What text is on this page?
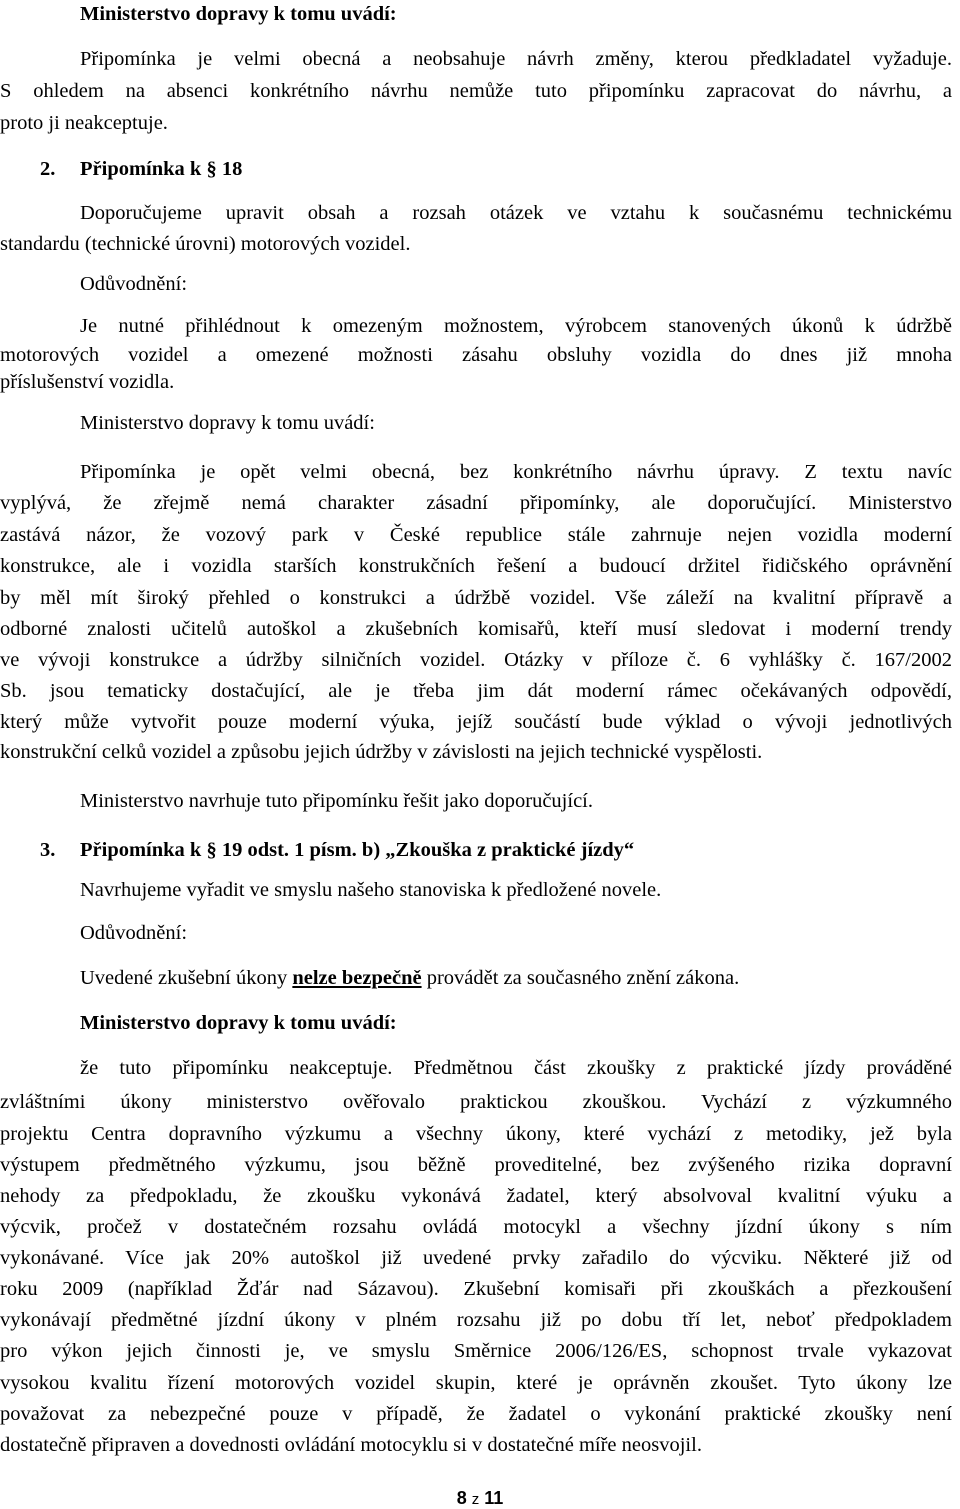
Ministerstvo dopravy k tomu uvádí:
Připomínka je velmi obecná a neobsahuje návrh změny, kterou předkladatel vyžaduje.
S ohledem na absenci konkrétního návrhu nemůže tuto připomínku zapracovat do návrhu, a
proto ji neakceptuje.
2. Připomínka k § 18
Doporučujeme upravit obsah a rozsah otázek ve vztahu k současnému technickému
standardu (technické úrovni) motorových vozidel.
Odůvodnění:
Je nutné přihlédnout k omezeným možnostem, výrobcem stanovených úkonů k údržbě
motorových vozidel a omezené možnosti zásahu obsluhy vozidla do dnes již mnoha
příslušenství vozidla.
Ministerstvo dopravy k tomu uvádí:
Připomínka je opět velmi obecná, bez konkrétního návrhu úpravy. Z textu navíc
vyplývá, že zřejmě nemá charakter zásadní připomínky, ale doporučující. Ministerstvo
zastává názor, že vozový park v České republice stále zahrnuje nejen vozidla moderní
konstrukce, ale i vozidla starších konstrukčních řešení a budoucí držitel řidičského oprávnění
by měl mít široký přehled o konstrukci a údržbě vozidel. Vše záleží na kvalitní přípravě a
odborné znalosti učitelů autoškol a zkušebních komisařů, kteří musí sledovat i moderní trendy
ve vývoji konstrukce a údržby silničních vozidel. Otázky v příloze č. 6 vyhlášky č. 167/2002
Sb. jsou tematicky dostačující, ale je třeba jim dát moderní rámec očekávaných odpovědí,
který může vytvořit pouze moderní výuka, jejíž součástí bude výklad o vývoji jednotlivých
konstrukční celků vozidel a způsobu jejich údržby v závislosti na jejich technické vyspělosti.
Ministerstvo navrhuje tuto připomínku řešit jako doporučující.
3. Připomínka k § 19 odst. 1 písm. b) „Zkouška z praktické jízdy“
Navrhujeme vyřadit ve smyslu našeho stanoviska k předložené novele.
Odůvodnění:
Uvedené zkušební úkony nelze bezpečně provádět za současného znění zákona.
Ministerstvo dopravy k tomu uvádí:
že tuto připomínku neakceptuje. Předmětnou část zkoušky z praktické jízdy prováděné
zvláštními úkony ministerstvo ověřovalo praktickou zkouškou. Vychází z výzkumného
projektu Centra dopravního výzkumu a všechny úkony, které vychází z metodiky, jež byla
výstupem předmětného výzkumu, jsou běžně proveditelné, bez zvýšeného rizika dopravní
nehody za předpokladu, že zkoušku vykonává žadatel, který absolvoval kvalitní výuku a
výcvik, pročež v dostatečném rozsahu ovládá motocykl a všechny jízdní úkony s ním
vykonávané. Více jak 20% autoškol již uvedené prvky zařadilo do výcviku. Některé již od
roku 2009 (například Žďár nad Sázavou). Zkušební komisaři při zkouškách a přezkoušení
vykonávají předmětné jízdní úkony v plném rozsahu již po dobu tří let, neboť předpokladem
pro výkon jejich činnosti je, ve smyslu Směrnice 2006/126/ES, schopnost trvale vykazovat
vysokou kvalitu řízení motorových vozidel skupin, které je oprávněn zkoušet. Tyto úkony lze
považovat za nebezpečné pouze v případě, že žadatel o vykonání praktické zkoušky není
dostatečně připraven a dovednosti ovládání motocyklu si v dostatečné míře neosvojil.
8 z 11
